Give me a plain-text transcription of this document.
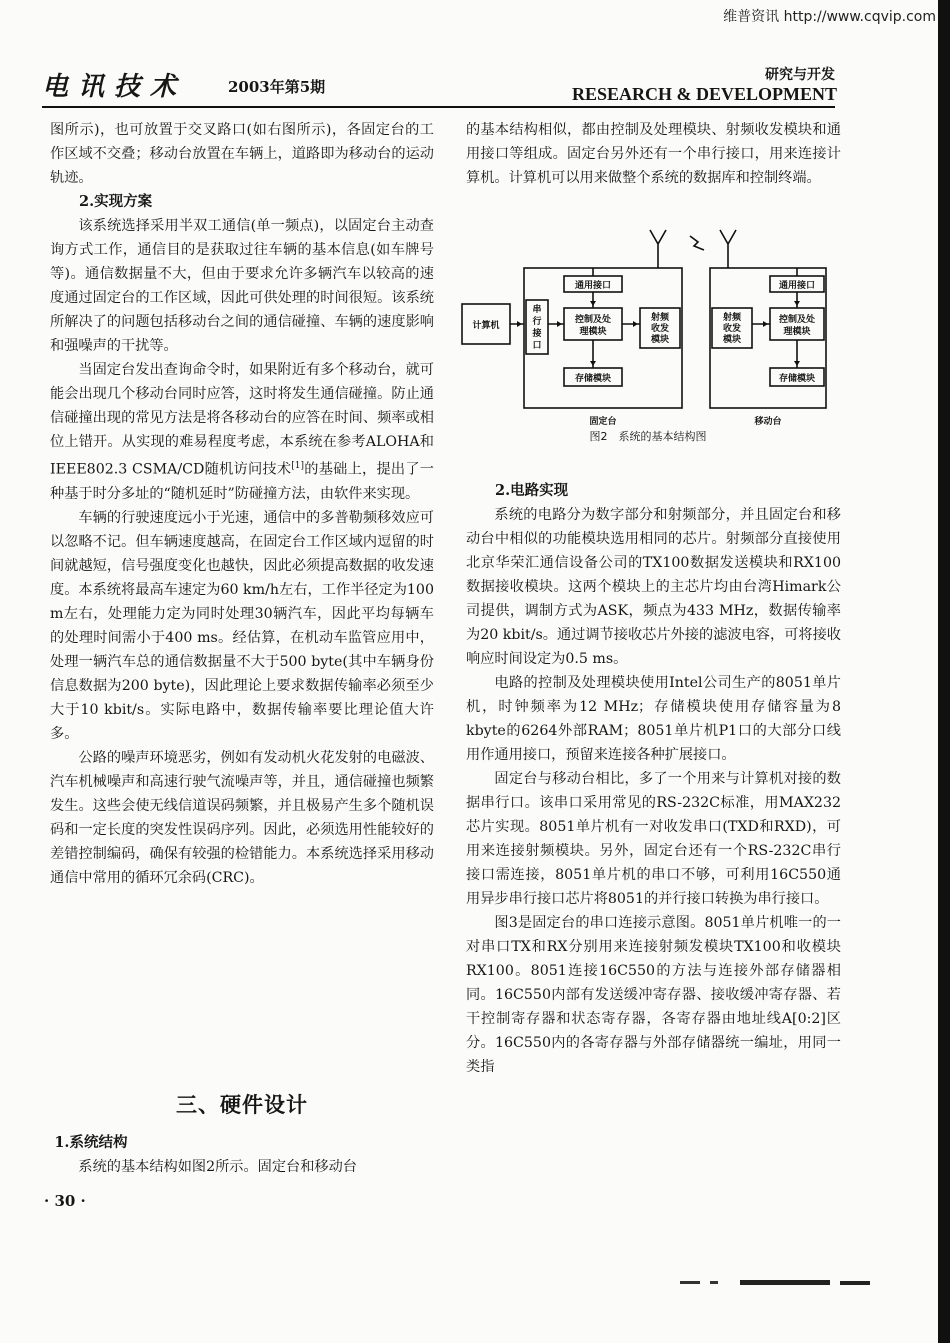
维普资讯 http://www.cqvip.com
电讯技术	2003年第5期
研究与开发
RESEARCH & DEVELOPMENT

图所示)，也可放置于交叉路口(如右图所示)，各固定台的工作区域不交叠；移动台放置在车辆上，道路即为移动台的运动轨迹。

2.实现方案

该系统选择采用半双工通信(单一频点)，以固定台主动查询方式工作，通信目的是获取过往车辆的基本信息(如车牌号等)。通信数据量不大，但由于要求允许多辆汽车以较高的速度通过固定台的工作区域，因此可供处理的时间很短。该系统所解决了的问题包括移动台之间的通信碰撞、车辆的速度影响和强噪声的干扰等。

当固定台发出查询命令时，如果附近有多个移动台，就可能会出现几个移动台同时应答，这时将发生通信碰撞。防止通信碰撞出现的常见方法是将各移动台的应答在时间、频率或相位上错开。从实现的难易程度考虑，本系统在参考ALOHA和IEEE802.3 CSMA/CD随机访问技术[1]的基础上，提出了一种基于时分多址的“随机延时”防碰撞方法，由软件来实现。

车辆的行驶速度远小于光速，通信中的多普勒频移效应可以忽略不记。但车辆速度越高，在固定台工作区域内逗留的时间就越短，信号强度变化也越快，因此必须提高数据的收发速度。本系统将最高车速定为60 km/h左右，工作半径定为100 m左右，处理能力定为同时处理30辆汽车，因此平均每辆车的处理时间需小于400 ms。经估算，在机动车监管应用中，处理一辆汽车总的通信数据量不大于500 byte(其中车辆身份信息数据为200 byte)，因此理论上要求数据传输率必须至少大于10 kbit/s。实际电路中，数据传输率要比理论值大许多。

公路的噪声环境恶劣，例如有发动机火花发射的电磁波、汽车机械噪声和高速行驶气流噪声等，并且，通信碰撞也频繁发生。这些会使无线信道误码频繁，并且极易产生多个随机误码和一定长度的突发性误码序列。因此，必须选用性能较好的差错控制编码，确保有较强的检错能力。本系统选择采用移动通信中常用的循环冗余码(CRC)。

三、硬件设计
1.系统结构

系统的基本结构如图2所示。固定台和移动台

· 30 ·

的基本结构相似，都由控制及处理模块、射频收发模块和通用接口等组成。固定台另外还有一个串行接口，用来连接计算机。计算机可以用来做整个系统的数据库和控制终端。

2.电路实现

系统的电路分为数字部分和射频部分，并且固定台和移动台中相似的功能模块选用相同的芯片。射频部分直接使用北京华荣汇通信设备公司的TX100数据发送模块和RX100数据接收模块。这两个模块上的主芯片均由台湾Himark公司提供，调制方式为ASK，频点为433 MHz，数据传输率为20 kbit/s。通过调节接收芯片外接的滤波电容，可将接收响应时间设定为0.5 ms。

电路的控制及处理模块使用Intel公司生产的8051单片机，时钟频率为12 MHz；存储模块使用存储容量为8 kbyte的6264外部RAM；8051单片机P1口的大部分口线用作通用接口，预留来连接各种扩展接口。

固定台与移动台相比，多了一个用来与计算机对接的数据串行口。该串口采用常见的RS-232C标准，用MAX232芯片实现。8051单片机有一对收发串口(TXD和RXD)，可用来连接射频模块。另外，固定台还有一个RS-232C串行接口需连接，8051单片机的串口不够，可利用16C550通用异步串行接口芯片将8051的并行接口转换为串行接口。

图3是固定台的串口连接示意图。8051单片机唯一的一对串口TX和RX分别用来连接射频发模块TX100和收模块RX100。8051连接16C550的方法与连接外部存储器相同。16C550内部有发送缓冲寄存器、接收缓冲寄存器、若干控制寄存器和状态寄存器，各寄存器由地址线A[0:2]区分。16C550内的各寄存器与外部存储器统一编址，用同一类指

计算机
串
行
接
口
通用接口
控制及处
理模块
存储模块
射频
收发
模块
固定台
通用接口
射频
收发
模块
控制及处
理模块
存储模块
移动台
图2　系统的基本结构图
